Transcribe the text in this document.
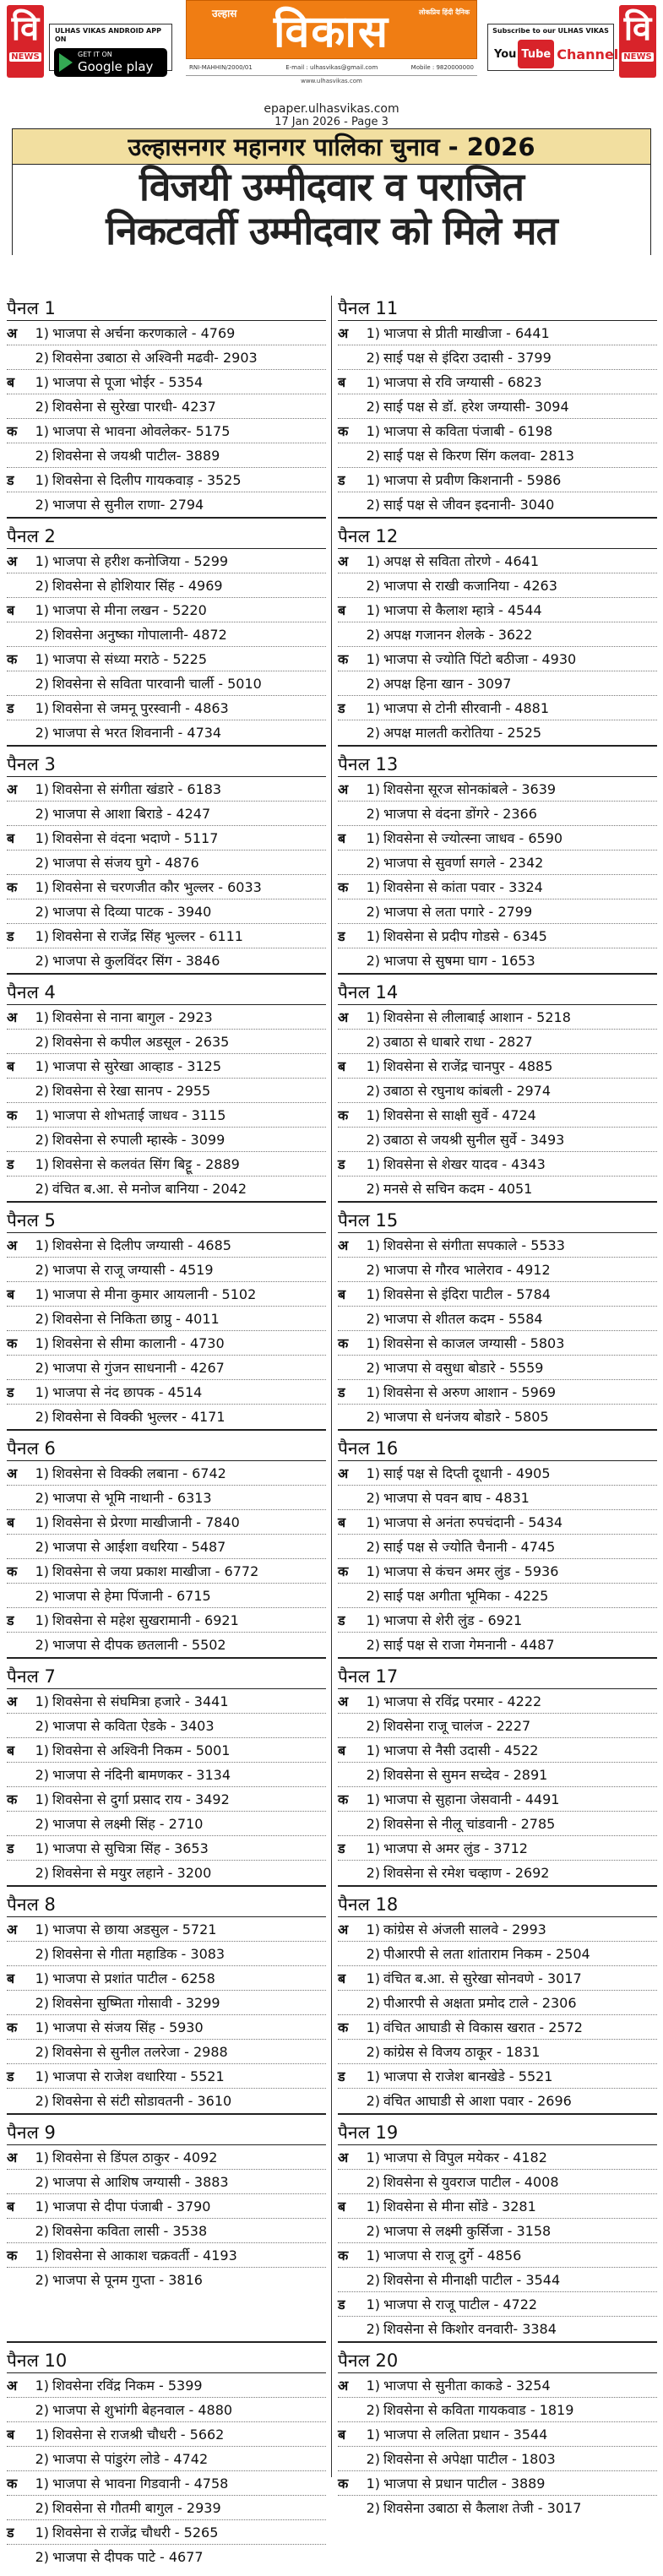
वि
NEWS
ULHAS VIKAS ANDROID APP ON
GET IT ON
Google play
उल्हास विकास	लोकप्रिय हिंदी दैनिक
RNI-MAHHIN/2000/01	E-mail : ulhasvikas@gmail.com	Mobile : 9820000000
www.ulhasvikas.com
Subscribe to our ULHAS VIKAS
You Tube Channel
वि
NEWS
epaper.ulhasvikas.com
17 Jan 2026 - Page 3
उल्हासनगर महानगर पालिका चुनाव - 2026
विजयी उम्मीदवार व पराजित
निकटवर्ती उम्मीदवार को मिले मत
पैनल 1
अ	1) भाजपा से अर्चना करणकाले - 4769
2) शिवसेना उबाठा से अश्विनी मढवी- 2903
ब	1) भाजपा से पूजा भोईर - 5354
2) शिवसेना से सुरेखा पारधी- 4237
क	1) भाजपा से भावना ओवलेकर- 5175
2) शिवसेना से जयश्री पाटील- 3889
ड	1) शिवसेना से दिलीप गायकवाड़ - 3525
2) भाजपा से सुनील राणा- 2794
पैनल 2
अ	1) भाजपा से हरीश कनोजिया - 5299
2) शिवसेना से होशियार सिंह - 4969
ब	1) भाजपा से मीना लखन - 5220
2) शिवसेना अनुष्का गोपालानी- 4872
क	1) भाजपा से संध्या मराठे - 5225
2) शिवसेना से सविता पारवानी चार्ली - 5010
ड	1) शिवसेना से जमनू पुरस्वानी - 4863
2) भाजपा से भरत शिवनानी - 4734
पैनल 3
अ	1) शिवसेना से संगीता खंडारे - 6183
2) भाजपा से आशा बिराडे - 4247
ब	1) शिवसेना से वंदना भदाणे - 5117
2) भाजपा से संजय घुगे - 4876
क	1) शिवसेना से चरणजीत कौर भुल्लर - 6033
2) भाजपा से दिव्या पाटक - 3940
ड	1) शिवसेना से राजेंद्र सिंह भुल्लर - 6111
2) भाजपा से कुलविंदर सिंग - 3846
पैनल 4
अ	1) शिवसेना से नाना बागुल - 2923
2) शिवसेना से कपील अडसूल - 2635
ब	1) भाजपा से सुरेखा आव्हाड - 3125
2) शिवसेना से रेखा सानप - 2955
क	1) भाजपा से शोभताई जाधव - 3115
2) शिवसेना से रुपाली म्हास्के - 3099
ड	1) शिवसेना से कलवंत सिंग बिट्टू - 2889
2) वंचित ब.आ. से मनोज बानिया - 2042
पैनल 5
अ	1) शिवसेना से दिलीप जग्यासी - 4685
2) भाजपा से राजू जग्यासी - 4519
ब	1) भाजपा से मीना कुमार आयलानी - 5102
2) शिवसेना से निकिता छाप्रु - 4011
क	1) शिवसेना से सीमा कालानी - 4730
2) भाजपा से गुंजन साधनानी - 4267
ड	1) भाजपा से नंद छापक - 4514
2) शिवसेना से विक्की भुल्लर - 4171
पैनल 6
अ	1) शिवसेना से विक्की लबाना - 6742
2) भाजपा से भूमि नाथानी - 6313
ब	1) शिवसेना से प्रेरणा माखीजानी - 7840
2) भाजपा से आईशा वधरिया - 5487
क	1) शिवसेना से जया प्रकाश माखीजा - 6772
2) भाजपा से हेमा पिंजानी - 6715
ड	1) शिवसेना से महेश सुखरामानी - 6921
2) भाजपा से दीपक छतलानी - 5502
पैनल 7
अ	1) शिवसेना से संघमित्रा हजारे - 3441
2) भाजपा से कविता ऐडके - 3403
ब	1) शिवसेना से अश्विनी निकम - 5001
2) भाजपा से नंदिनी बामणकर - 3134
क	1) शिवसेना से दुर्गा प्रसाद राय - 3492
2) भाजपा से लक्ष्मी सिंह - 2710
ड	1) भाजपा से सुचित्रा सिंह - 3653
2) शिवसेना से मयुर लहाने - 3200
पैनल 8
अ	1) भाजपा से छाया अडसुल - 5721
2) शिवसेना से गीता महाडिक - 3083
ब	1) भाजपा से प्रशांत पाटील - 6258
2) शिवसेना सुष्मिता गोसावी - 3299
क	1) भाजपा से संजय सिंह - 5930
2) शिवसेना से सुनील तलरेजा - 2988
ड	1) भाजपा से राजेश वधारिया - 5521
2) शिवसेना से संटी सोडावतनी - 3610
पैनल 9
अ	1) शिवसेना से डिंपल ठाकुर - 4092
2) भाजपा से आशिष जग्यासी - 3883
ब	1) भाजपा से दीपा पंजाबी - 3790
2) शिवसेना कविता लासी - 3538
क	1) शिवसेना से आकाश चक्रवर्ती - 4193
2) भाजपा से पूनम गुप्ता - 3816
पैनल 10
अ	1) शिवसेना रविंद्र निकम - 5399
2) भाजपा से शुभांगी बेहनवाल - 4880
ब	1) शिवसेना से राजश्री चौधरी - 5662
2) भाजपा से पांडुरंग लोडे - 4742
क	1) भाजपा से भावना गिडवानी - 4758
2) शिवसेना से गौतमी बागुल - 2939
ड	1) शिवसेना से राजेंद्र चौधरी - 5265
2) भाजपा से दीपक पाटे - 4677
पैनल 11
अ	1) भाजपा से प्रीती माखीजा - 6441
2) साई पक्ष से इंदिरा उदासी - 3799
ब	1) भाजपा से रवि जग्यासी - 6823
2) साई पक्ष से डॉ. हरेश जग्यासी- 3094
क	1) भाजपा से कविता पंजाबी - 6198
2) साई पक्ष से किरण सिंग कलवा- 2813
ड	1) भाजपा से प्रवीण किशनानी - 5986
2) साई पक्ष से जीवन इदनानी- 3040
पैनल 12
अ	1) अपक्ष से सविता तोरणे - 4641
2) भाजपा से राखी कजानिया - 4263
ब	1) भाजपा से कैलाश म्हात्रे - 4544
2) अपक्ष गजानन शेलके - 3622
क	1) भाजपा से ज्योति पिंटो बठीजा - 4930
2) अपक्ष हिना खान - 3097
ड	1) भाजपा से टोनी सीरवानी - 4881
2) अपक्ष मालती करोतिया - 2525
पैनल 13
अ	1) शिवसेना सूरज सोनकांबले - 3639
2) भाजपा से वंदना डोंगरे - 2366
ब	1) शिवसेना से ज्योत्स्ना जाधव - 6590
2) भाजपा से सुवर्णा सगले - 2342
क	1) शिवसेना से कांता पवार - 3324
2) भाजपा से लता पगारे - 2799
ड	1) शिवसेना से प्रदीप गोडसे - 6345
2) भाजपा से सुषमा घाग - 1653
पैनल 14
अ	1) शिवसेना से लीलाबाई आशान - 5218
2) उबाठा से धाबारे राधा - 2827
ब	1) शिवसेना से राजेंद्र चानपुर - 4885
2) उबाठा से रघुनाथ कांबली - 2974
क	1) शिवसेना से साक्षी सुर्वे - 4724
2) उबाठा से जयश्री सुनील सुर्वे - 3493
ड	1) शिवसेना से शेखर यादव - 4343
2) मनसे से सचिन कदम - 4051
पैनल 15
अ	1) शिवसेना से संगीता सपकाले - 5533
2) भाजपा से गौरव भालेराव - 4912
ब	1) शिवसेना से इंदिरा पाटील - 5784
2) भाजपा से शीतल कदम - 5584
क	1) शिवसेना से काजल जग्यासी - 5803
2) भाजपा से वसुधा बोडारे - 5559
ड	1) शिवसेना से अरुण आशान - 5969
2) भाजपा से धनंजय बोडारे - 5805
पैनल 16
अ	1) साई पक्ष से दिप्ती दूधानी - 4905
2) भाजपा से पवन बाघ - 4831
ब	1) भाजपा से अनंता रुपचंदानी - 5434
2) साई पक्ष से ज्योति चैनानी - 4745
क	1) भाजपा से कंचन अमर लुंड - 5936
2) साई पक्ष अगीता भूमिका - 4225
ड	1) भाजपा से शेरी लुंड - 6921
2) साई पक्ष से राजा गेमनानी - 4487
पैनल 17
अ	1) भाजपा से रविंद्र परमार - 4222
2) शिवसेना राजू चालंज - 2227
ब	1) भाजपा से नैसी उदासी - 4522
2) शिवसेना से सुमन सच्देव - 2891
क	1) भाजपा से सुहाना जेसवानी - 4491
2) शिवसेना से नीलू चांडवानी - 2785
ड	1) भाजपा से अमर लुंड - 3712
2) शिवसेना से रमेश चव्हाण - 2692
पैनल 18
अ	1) कांग्रेस से अंजली सालवे - 2993
2) पीआरपी से लता शांताराम निकम - 2504
ब	1) वंचित ब.आ. से सुरेखा सोनवणे - 3017
2) पीआरपी से अक्षता प्रमोद टाले - 2306
क	1) वंचित आघाडी से विकास खरात - 2572
2) कांग्रेस से विजय ठाकूर - 1831
ड	1) भाजपा से राजेश बानखेडे - 5521
2) वंचित आघाडी से आशा पवार - 2696
पैनल 19
अ	1) भाजपा से विपुल मयेकर - 4182
2) शिवसेना से युवराज पाटील - 4008
ब	1) शिवसेना से मीना सोंडे - 3281
2) भाजपा से लक्ष्मी कुर्सिजा - 3158
क	1) भाजपा से राजू दुर्गे - 4856
2) शिवसेना से मीनाक्षी पाटील - 3544
ड	1) भाजपा से राजू पाटील - 4722
2) शिवसेना से किशोर वनवारी- 3384
पैनल 20
अ	1) भाजपा से सुनीता काकडे - 3254
2) शिवसेना से कविता गायकवाड - 1819
ब	1) भाजपा से ललिता प्रधान - 3544
2) शिवसेना से अपेक्षा पाटील - 1803
क	1) भाजपा से प्रधान पाटील - 3889
2) शिवसेना उबाठा से कैलाश तेजी - 3017
